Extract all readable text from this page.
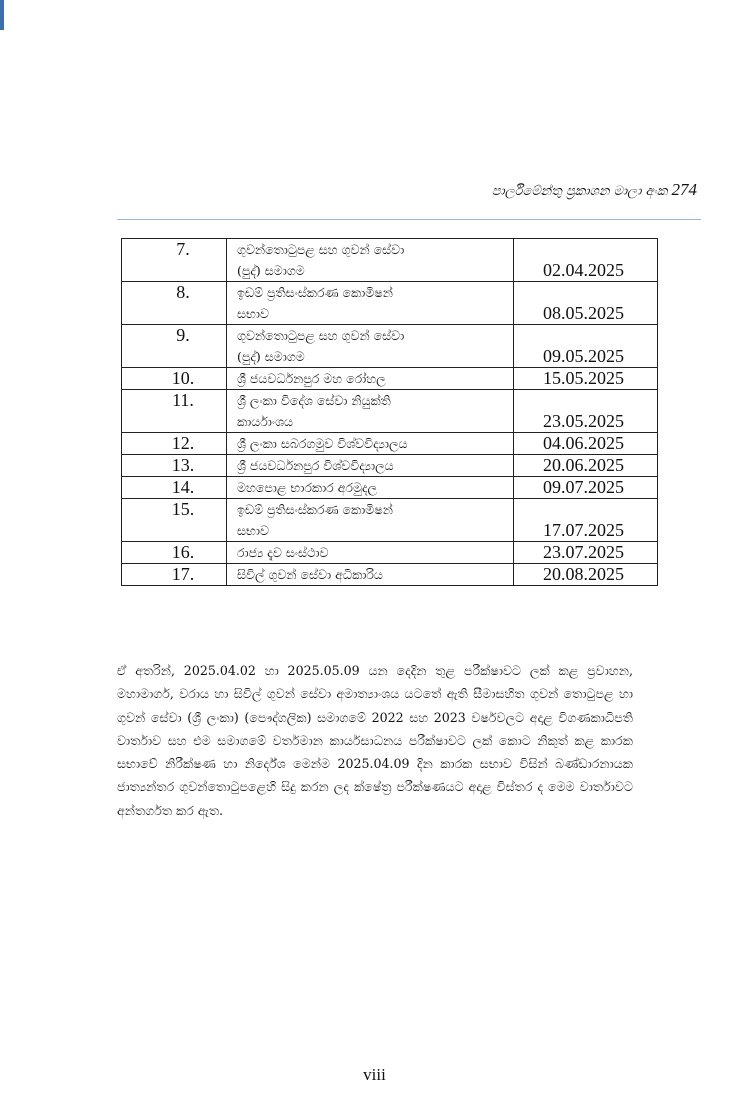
පාර්ලිමේන්තු ප්‍රකාශන මාලා අංක 274
7.	ගුවන්තොටුපළ සහ ගුවන් සේවා
(පුද්) සමාගම	02.04.2025
8.	ඉඩම් ප්‍රතිසංස්කරණ කොමිෂන්
සභාව	08.05.2025
9.	ගුවන්තොටුපළ සහ ගුවන් සේවා
(පුද්) සමාගම	09.05.2025
10.	ශ්‍රී ජයවර්ධනපුර මහ රෝහල	15.05.2025
11.	ශ්‍රී ලංකා විදේශ සේවා නියුක්ති
කාර්යාංශය	23.05.2025
12.	ශ්‍රී ලංකා සබරගමුව විශ්වවිද්‍යාලය	04.06.2025
13.	ශ්‍රී ජයවර්ධනපුර විශ්වවිද්‍යාලය	20.06.2025
14.	මහපොළ භාරකාර අරමුදල	09.07.2025
15.	ඉඩම් ප්‍රතිසංස්කරණ කොමිෂන්
සභාව	17.07.2025
16.	රාජ්‍ය දැව සංස්ථාව	23.07.2025
17.	සිවිල් ගුවන් සේවා අධිකාරිය	20.08.2025
ඒ අතරින්, 2025.04.02 හා 2025.05.09 යන දෙදින තුළ පරීක්ෂාවට ලක් කළ ප්‍රවාහන, මහාමාර්ග, වරාය හා සිවිල් ගුවන් සේවා අමාත්‍යාංශය යටතේ ඇති සීමාසහිත ගුවන් තොටුපළ හා ගුවන් සේවා (ශ්‍රී ලංකා) (පෞද්ගලික) සමාගමේ 2022 සහ 2023 වර්ෂවලට අදාළ විගණකාධිපති වාර්තාව සහ එම සමාගමේ වර්තමාන කාර්යසාධනය පරීක්ෂාවට ලක් කොට නිකුත් කළ කාරක සභාවේ නිරීක්ෂණ හා නිර්දේශ මෙන්ම 2025.04.09 දින කාරක සභාව විසින් බණ්ඩාරනායක ජාත්‍යන්තර ගුවන්තොටුපළෙහි සිදු කරන ලද ක්ෂේත්‍ර පරීක්ෂණයට අදාළ විස්තර ද මෙම වාර්තාවට අන්තර්ගත කර ඇත.
viii
